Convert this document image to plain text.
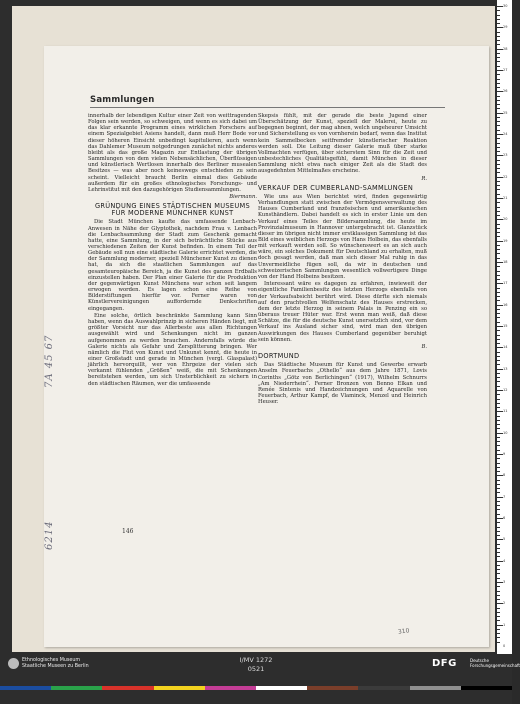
Sammlungen

innerhalb der lebendigen Kultur einer Zeit von weittragenden Folgen sein werden, so schweigen, und wenn es sich dabei um das klar erkannte Programm eines wirklichen Forschers auf einem Spezialgebiet Asiens handelt, dann muß Herr Bode vor dieser höheren Einsicht unbedingt kapitulieren, auch wenn das Dahlemer Museum notgedrungen zunächst nichts anderes bleibt als das große Magazin zur Entlastung der übrigen Sammlungen von dem vielen Nebensächlichen, Überflüssigen und künstlerisch Wertlosen innerhalb des Berliner musealen Besitzes — was aber noch keineswegs entschieden zu sein scheint. Vielleicht braucht Berlin einmal dies Gebäude außerdem für ein großes ethnologisches Forschungs- und Lehrinstitut mit den dazugehörigen Studiensammlungen.

Biermann.
GRÜNDUNG EINES STÄDTISCHEN MUSEUMS FÜR MODERNE MÜNCHNER KUNST

Die Stadt München kaufte das umfassende Lenbach-Anwesen in Nähe der Glyptothek, nachdem Frau v. Lenbach die Lenbachsammlung der Stadt zum Geschenk gemacht hatte, eine Sammlung, in der sich beträchtliche Stücke aus verschiedenen Zeiten der Kunst befinden. In einem Teil der Gebäude soll nun eine städtische Galerie errichtet werden, die der Sammlung moderner, speziell Münchener Kunst zu dienen hat, da sich die staatlichen Sammlungen auf das gesamteuropäische Bereich, ja die Kunst des ganzen Erdballs einzustellen haben. Der Plan einer Galerie für die Produktion der gegenwärtigen Kunst Münchens war schon seit langem erwogen worden. Es lagen schon eine Reihe von Bilderstiftungen hierfür vor. Ferner waren von Künstlervereinigungen auffordernde Denkschriften eingegangen.

Eine solche, örtlich beschränkte Sammlung kann Sinn haben, wenn das Auswahlprinzip in sicheren Händen liegt, mit größter Vorsicht nur das Allerbeste aus allen Richtungen ausgewählt wird und Schenkungen nicht im ganzen aufgenommen zu werden brauchen. Andernfalls würde die Galerie nichts als Gefahr und Zersplitterung bringen. Wer nämlich die Flut von Kunst und Unkunst kennt, die heute in einer Großstadt und gerade in München (vergl. Glaspalast) jährlich hervorquillt, wer von Ehrgeize der vielen sich verkannt fühlenden „Größen“ weiß, die mit Schenkungen bereitstehen werden, um sich Unsterblichkeit zu sichern in den städtischen Räumen, wer die umfassende

Skepsis fühlt, mit der gerade die beste Jugend einer Überschätzung der Kunst, speziell der Malerei, heute zu begegnen beginnt, der mag ahnen, welch ungeheurer Umsicht und Sicherstellung es von vornherein bedarf, wenn das Institut kein Sammelbecken seitfremder künstlerischer Reaktion werden soll. Die Leitung dieser Galerie muß über starke Vollmachten verfügen, über sicherstem Sinn für die Zeit und unbestechliches Qualitätsgefühl, damit München in dieser Sammlung nicht etwa nach einiger Zeit als die Stadt des ausgedehnten Mittelmaßes erscheine.

R.
VERKAUF DER CUMBERLAND-SAMMLUNGEN

Wie uns aus Wien berichtet wird, finden gegenwärtig Verhandlungen statt zwischen der Vermögensverwaltung des Hauses Cumberland und französischen und amerikanischen Kunsthändlern. Dabei handelt es sich in erster Linie um den Verkauf eines Teiles der Bildersammlung, die heute im Provinzialmuseum in Hannover untergebracht ist. Glanzstück dieser im übrigen nicht immer erstklassigen Sammlung ist das Bild eines weiblichen Herzogs von Hans Holbein, das ebenfalls mit verkauft werden soll. So wünschenswert es an sich auch wäre, ein solches Dokument für Deutschland zu erhalten, muß doch gesagt werden, daß man sich dieser Mal ruhig in das Unvermeidliche fügen soll, da wir in deutschen und schweizerischen Sammlungen wesentlich vollwertigere Dinge von der Hand Holbeins besitzen.

Interessant wäre es dagegen zu erfahren, inwieweit der eigentliche Familienbesitz des letzten Herzogs ebenfalls von der Verkaufsabsicht berührt wird. Diese dürfte sich niemals auf den prachtvollen Welfenschatz des Hauses erstrecken, dem der letzte Herzog in seinem Palais in Penzing ein so überaus treuer Hüter war. Erst wenn man weiß, daß diese Schätze, die für die deutsche Kunst unersetzlich sind, vor dem Verkauf ins Ausland sicher sind, wird man den übrigen Auswirkungen des Hauses Cumberland gegenüber beruhigt sein können.

B.
DORTMUND

Das Städtische Museum für Kunst und Gewerbe erwarb Anselm Feuerbachs „Othello“ aus dem Jahre 1871, Lovis Corinths „Götz von Berlichingen“ (1917), Wilhelm Schnurrs „Am Niederrhein“. Ferner Bronzen von Benno Elkan und Renée Sintenis und Handzeichnungen und Aquarelle von Feuerbach, Arthur Kampf, de Vlaminck, Menzel und Heinrich Heuser.

146
7A 45 67
6214
310
30
29
28
27
26
25
24
23
22
21
20
19
18
17
16
15
14
13
12
11
10
9
8
7
6
5
4
3
2
1
0
Ethnologisches Museum
Staatliche Museen zu Berlin
I/MV 1272
0521	DFG	Deutsche
Forschungsgemeinschaft
